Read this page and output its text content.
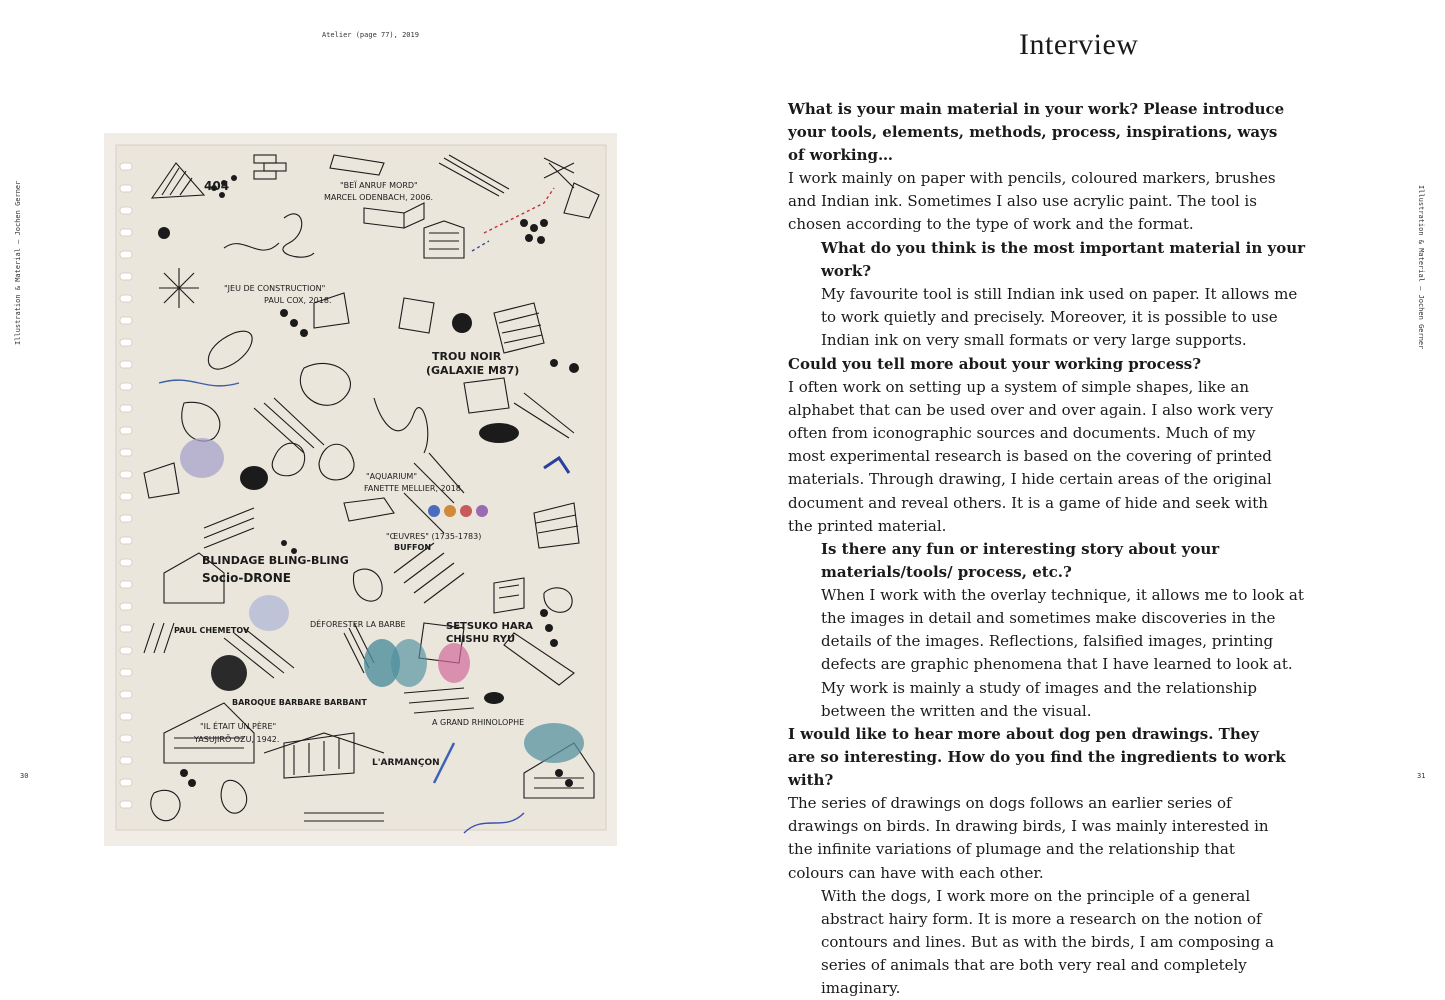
Atelier (page 77), 2019
Illustration & Material — Jochen Gerner
30
404	"BEÏ ANRUF MORD"
MARCEL ODENBACH, 2006.
"JEU DE CONSTRUCTION"
PAUL COX, 2018.
TROU NOIR
(GALAXIE M87)
"AQUARIUM"
FANETTE MELLIER, 2018.
"ŒUVRES" (1735-1783)
BUFFON
BLINDAGE BLING-BLING
Socio-DRONE
PAUL CHEMETOV
DÉFORESTER LA BARBE	SETSUKO HARA
CHISHU RYU
BAROQUE BARBARE BARBANT
A GRAND RHINOLOPHE
"IL ÉTAIT UN PÈRE"
YASUJIRŌ OZU, 1942.
L'ARMANÇON
Interview
Illustration & Material — Jochen Gerner
31

What is your main material in your work? Please introduce your tools, elements, methods, process, inspirations, ways of working…

I work mainly on paper with pencils, coloured markers, brushes and Indian ink. Sometimes I also use acrylic paint. The tool is chosen according to the type of work and the format.

What do you think is the most important material in your work?

My favourite tool is still Indian ink used on paper. It allows me to work quietly and precisely. Moreover, it is possible to use Indian ink on very small formats or very large supports.

Could you tell more about your working process?

I often work on setting up a system of simple shapes, like an alphabet that can be used over and over again. I also work very often from iconographic sources and documents. Much of my most experimental research is based on the covering of printed materials. Through drawing, I hide certain areas of the original document and reveal others. It is a game of hide and seek with the printed material.

Is there any fun or interesting story about your materials/tools/ process, etc.?

When I work with the overlay technique, it allows me to look at the images in detail and sometimes make discoveries in the details of the images. Reflections, falsified images, printing defects are graphic phenomena that I have learned to look at. My work is mainly a study of images and the relationship between the written and the visual.

I would like to hear more about dog pen drawings. They are so interesting. How do you find the ingredients to work with?

The series of drawings on dogs follows an earlier series of drawings on birds. In drawing birds, I was mainly interested in the infinite variations of plumage and the relationship that colours can have with each other.

With the dogs, I work more on the principle of a general abstract hairy form. It is more a research on the notion of contours and lines. But as with the birds, I am composing a series of animals that are both very real and completely imaginary.
